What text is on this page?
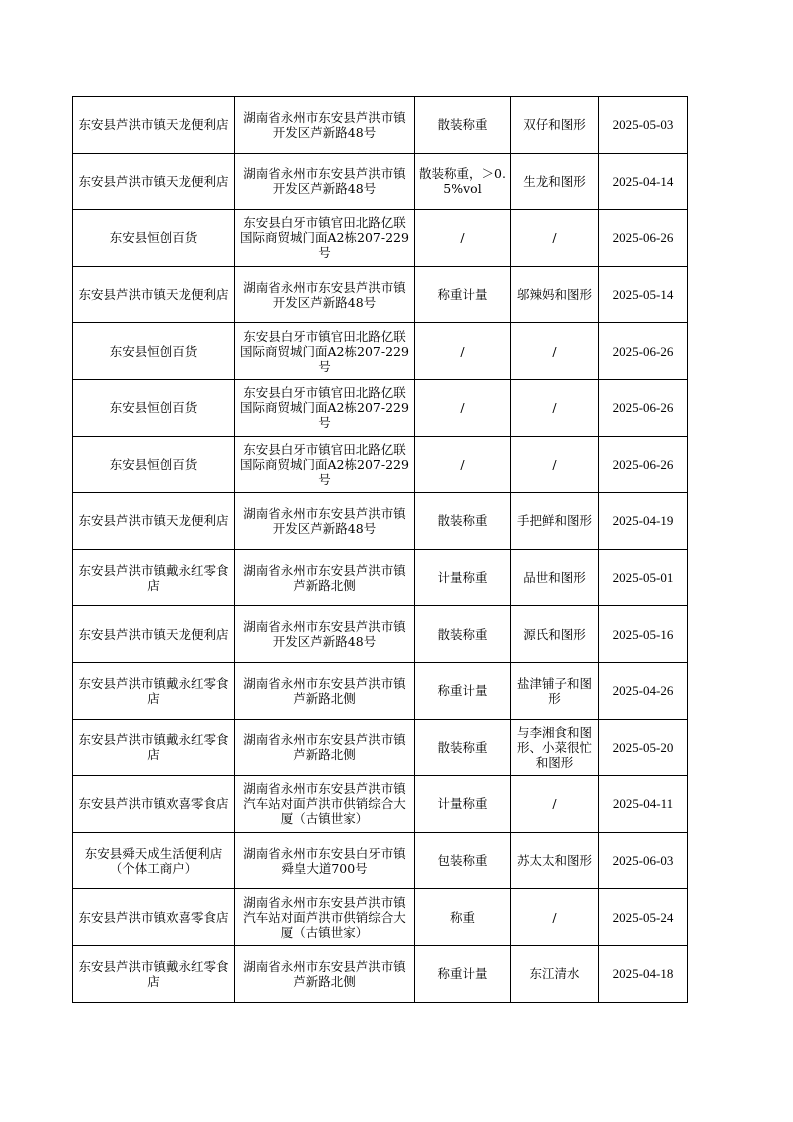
东安县芦洪市镇天龙便利店	湖南省永州市东安县芦洪市镇开发区芦新路48号	散装称重	双仔和图形	2025-05-03
东安县芦洪市镇天龙便利店	湖南省永州市东安县芦洪市镇开发区芦新路48号	散装称重，＞0.5%vol	生龙和图形	2025-04-14
东安县恒创百货	东安县白牙市镇官田北路亿联国际商贸城门面A2栋207-229号	/	/	2025-06-26
东安县芦洪市镇天龙便利店	湖南省永州市东安县芦洪市镇开发区芦新路48号	称重计量	邬辣妈和图形	2025-05-14
东安县恒创百货	东安县白牙市镇官田北路亿联国际商贸城门面A2栋207-229号	/	/	2025-06-26
东安县恒创百货	东安县白牙市镇官田北路亿联国际商贸城门面A2栋207-229号	/	/	2025-06-26
东安县恒创百货	东安县白牙市镇官田北路亿联国际商贸城门面A2栋207-229号	/	/	2025-06-26
东安县芦洪市镇天龙便利店	湖南省永州市东安县芦洪市镇开发区芦新路48号	散装称重	手把鲜和图形	2025-04-19
东安县芦洪市镇戴永红零食店	湖南省永州市东安县芦洪市镇芦新路北侧	计量称重	品世和图形	2025-05-01
东安县芦洪市镇天龙便利店	湖南省永州市东安县芦洪市镇开发区芦新路48号	散装称重	源氏和图形	2025-05-16
东安县芦洪市镇戴永红零食店	湖南省永州市东安县芦洪市镇芦新路北侧	称重计量	盐津铺子和图形	2025-04-26
东安县芦洪市镇戴永红零食店	湖南省永州市东安县芦洪市镇芦新路北侧	散装称重	与李湘食和图形、小菜很忙和图形	2025-05-20
东安县芦洪市镇欢喜零食店	湖南省永州市东安县芦洪市镇汽车站对面芦洪市供销综合大厦（古镇世家）	计量称重	/	2025-04-11
东安县舜天成生活便利店（个体工商户）	湖南省永州市东安县白牙市镇舜皇大道700号	包装称重	苏太太和图形	2025-06-03
东安县芦洪市镇欢喜零食店	湖南省永州市东安县芦洪市镇汽车站对面芦洪市供销综合大厦（古镇世家）	称重	/	2025-05-24
东安县芦洪市镇戴永红零食店	湖南省永州市东安县芦洪市镇芦新路北侧	称重计量	东江清水	2025-04-18
